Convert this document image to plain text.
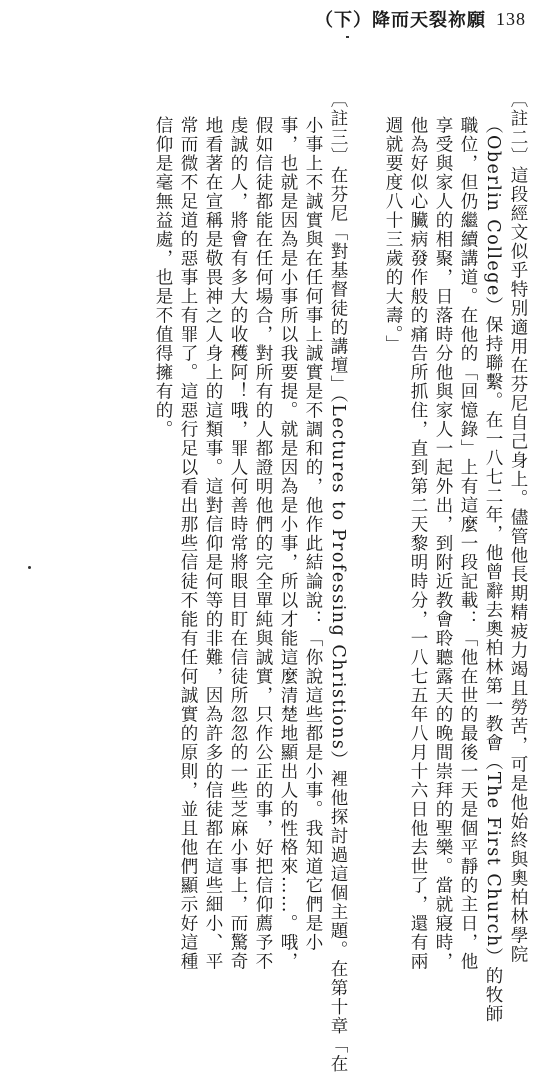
（下）降而天裂祢願 138
〔註二〕這段經文似乎特別適用在芬尼自己身上。儘管他長期精疲力竭且勞苦，可是他始終與奧柏林學院
（Oberlin College）保持聯繫。在一八七二年，他曾辭去奧柏林第一教會（The First Church）的牧師
職位，但仍繼續講道。在他的「回憶錄」上有這麼一段記載：「他在世的最後一天是個平靜的主日，他
享受與家人的相聚，日落時分他與家人一起外出，到附近教會聆聽露天的晚間崇拜的聖樂。當就寢時，
他為好似心臟病發作般的痛告所抓住，直到第二天黎明時分，一八七五年八月十六日他去世了，還有兩
週就要度八十三歲的大壽。」
〔註三〕在芬尼「對基督徒的講壇」（Lectures to Professing Christions）裡他探討過這個主題。在第十章「在
小事上不誠實與在任何事上誠實是不調和的，他作此結論說：「你說這些都是小事。我知道它們是小
事，也就是因為是小事所以我要提。就是因為是小事，所以才能這麼清楚地顯出人的性格來……。哦，
假如信徒都能在任何場合，對所有的人都證明他們的完全單純與誠實，只作公正的事，好把信仰薦予不
虔誠的人，將會有多大的收穫阿！哦，罪人何善時常將眼目盯在信徒所忽忽的一些芝麻小事上，而驚奇
地看著在宣稱是敬畏神之人身上的這類事。這對信仰是何等的非難，因為許多的信徒都在這些細小、平
常而微不足道的惡事上有罪了。這惡行足以看出那些信徒不能有任何誠實的原則，並且他們顯示好這種
信仰是毫無益處，也是不值得擁有的。
